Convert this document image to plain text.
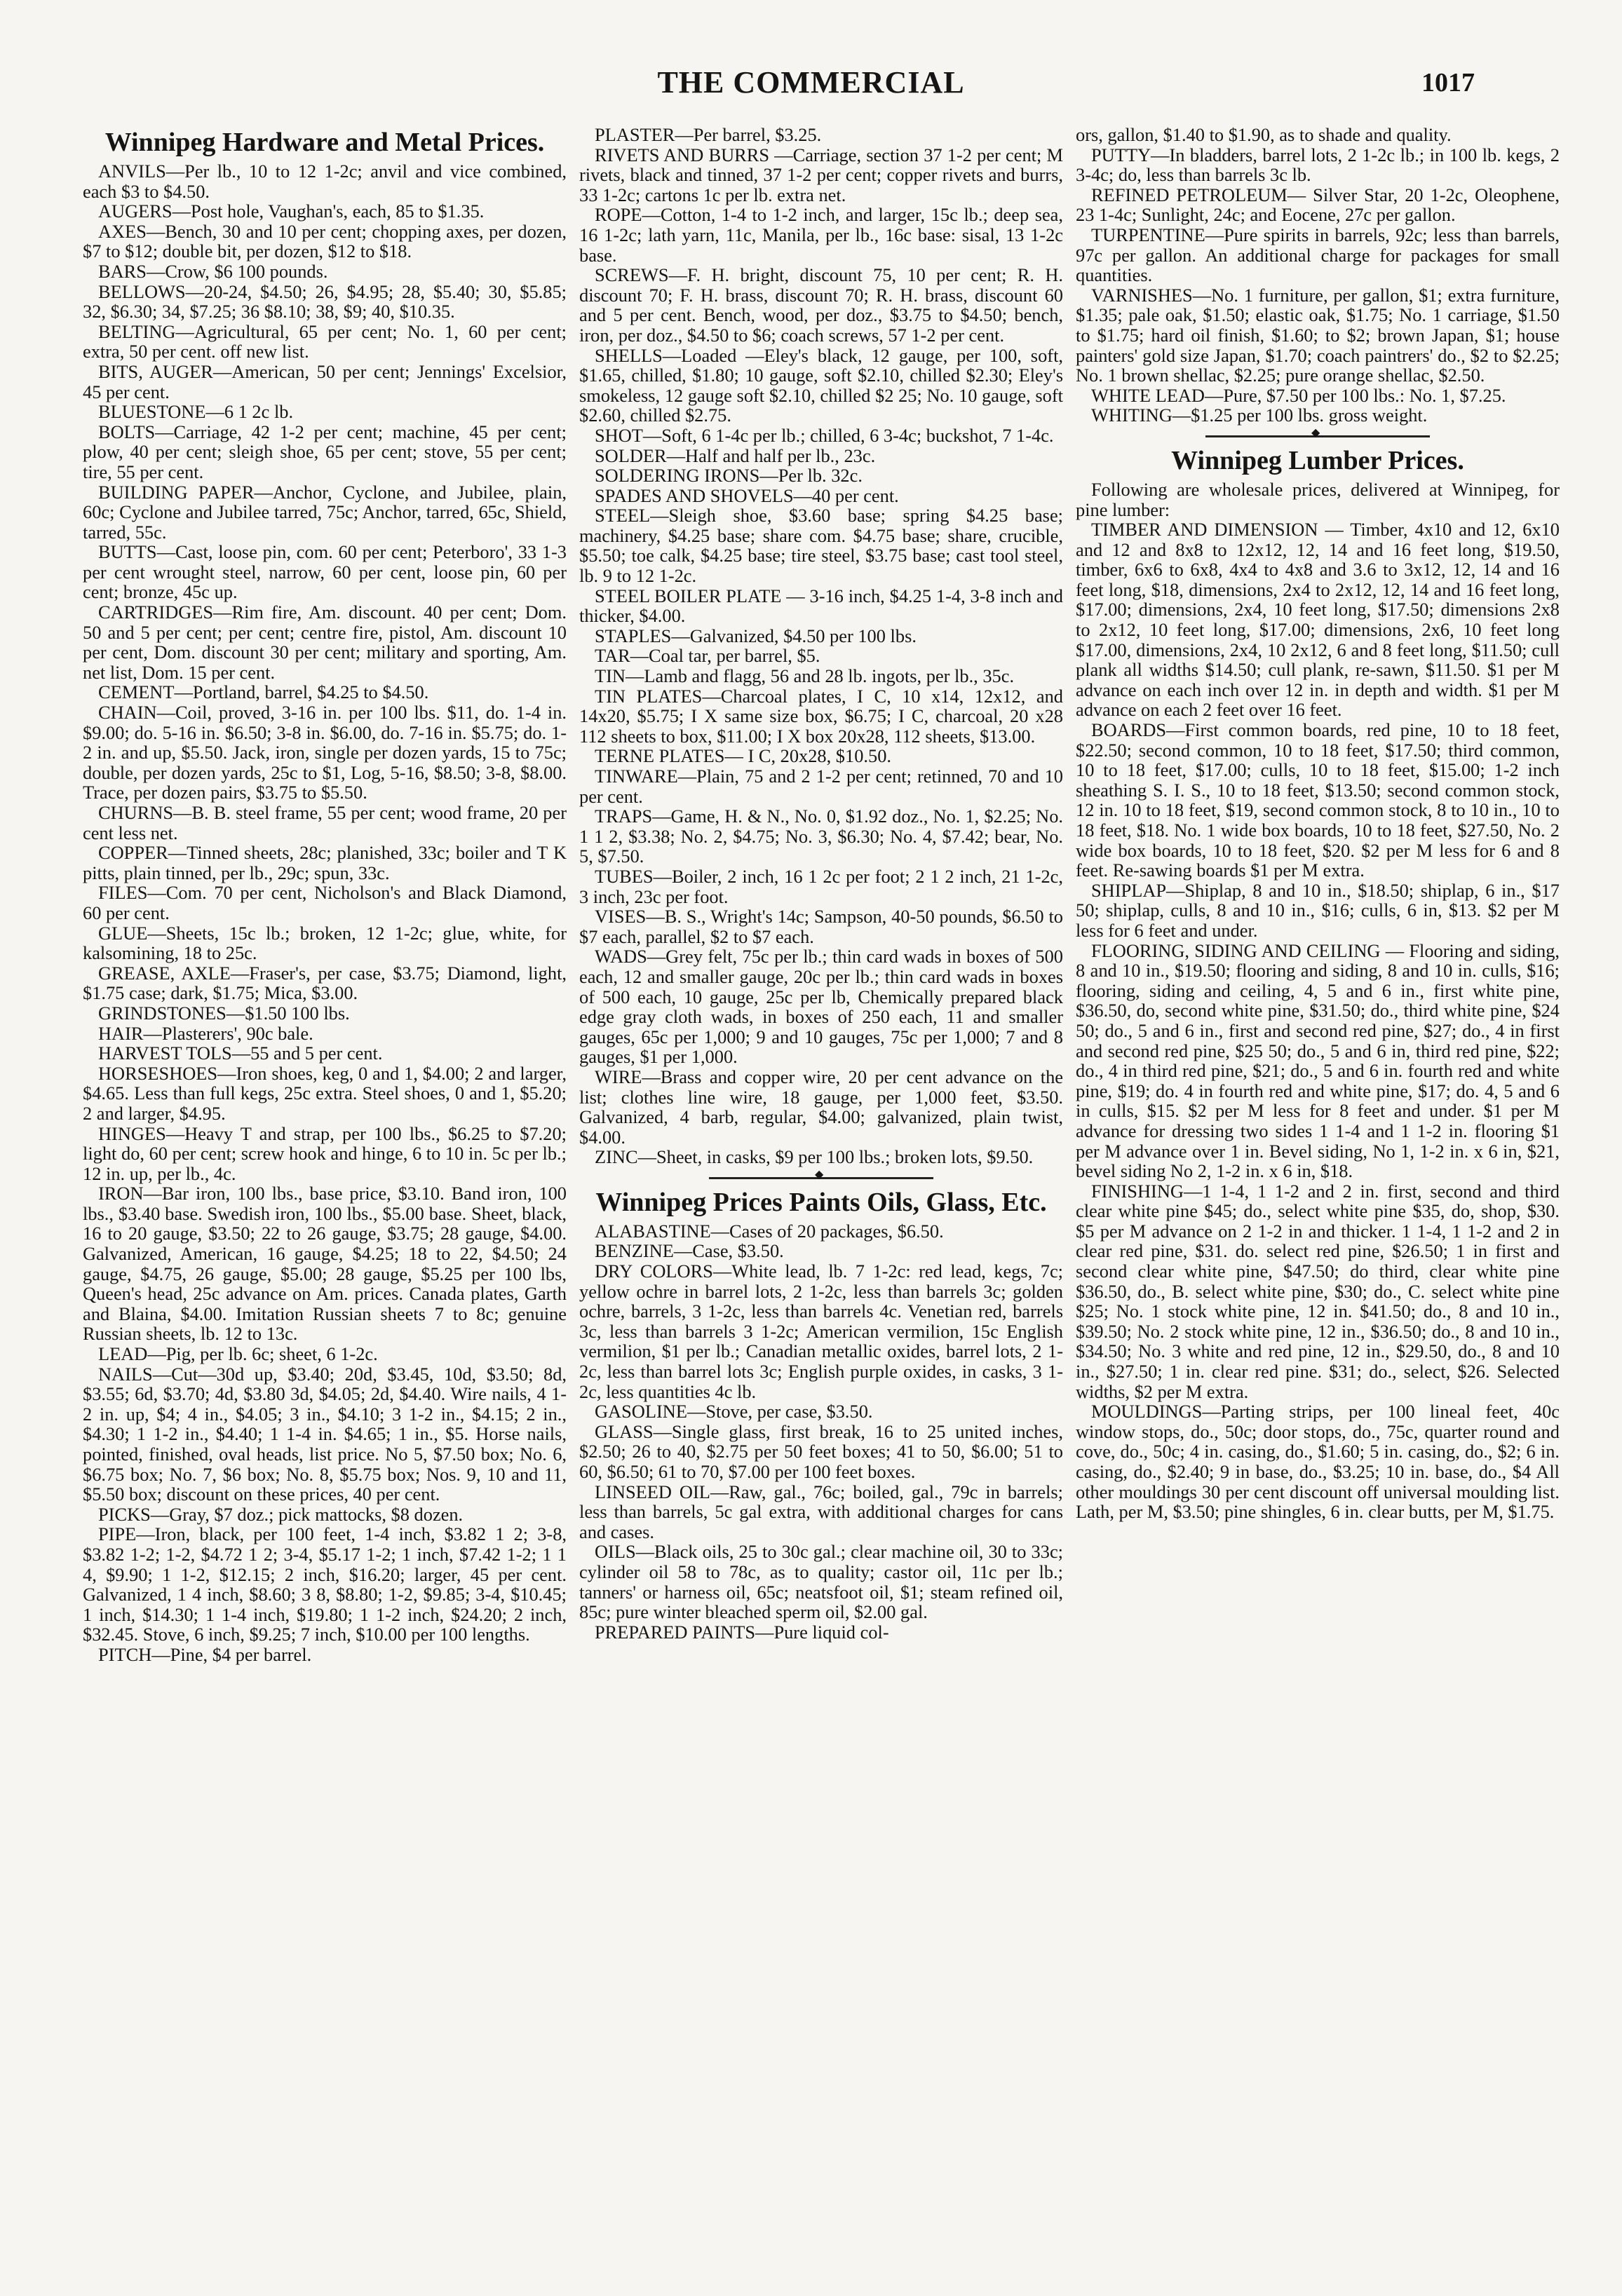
THE COMMERCIAL	1017
Winnipeg Hardware and Metal Prices.

ANVILS—Per lb., 10 to 12 1-2c; anvil and vice combined, each $3 to $4.50.

AUGERS—Post hole, Vaughan's, each, 85 to $1.35.

AXES—Bench, 30 and 10 per cent; chopping axes, per dozen, $7 to $12; double bit, per dozen, $12 to $18.

BARS—Crow, $6 100 pounds.

BELLOWS—20-24, $4.50; 26, $4.95; 28, $5.40; 30, $5.85; 32, $6.30; 34, $7.25; 36 $8.10; 38, $9; 40, $10.35.

BELTING—Agricultural, 65 per cent; No. 1, 60 per cent; extra, 50 per cent. off new list.

BITS, AUGER—American, 50 per cent; Jennings' Excelsior, 45 per cent.

BLUESTONE—6 1 2c lb.

BOLTS—Carriage, 42 1-2 per cent; machine, 45 per cent; plow, 40 per cent; sleigh shoe, 65 per cent; stove, 55 per cent; tire, 55 per cent.

BUILDING PAPER—Anchor, Cyclone, and Jubilee, plain, 60c; Cyclone and Jubilee tarred, 75c; Anchor, tarred, 65c, Shield, tarred, 55c.

BUTTS—Cast, loose pin, com. 60 per cent; Peterboro', 33 1-3 per cent wrought steel, narrow, 60 per cent, loose pin, 60 per cent; bronze, 45c up.

CARTRIDGES—Rim fire, Am. discount. 40 per cent; Dom. 50 and 5 per cent; per cent; centre fire, pistol, Am. discount 10 per cent, Dom. discount 30 per cent; military and sporting, Am. net list, Dom. 15 per cent.

CEMENT—Portland, barrel, $4.25 to $4.50.

CHAIN—Coil, proved, 3-16 in. per 100 lbs. $11, do. 1-4 in. $9.00; do. 5-16 in. $6.50; 3-8 in. $6.00, do. 7-16 in. $5.75; do. 1-2 in. and up, $5.50. Jack, iron, single per dozen yards, 15 to 75c; double, per dozen yards, 25c to $1, Log, 5-16, $8.50; 3-8, $8.00. Trace, per dozen pairs, $3.75 to $5.50.

CHURNS—B. B. steel frame, 55 per cent; wood frame, 20 per cent less net.

COPPER—Tinned sheets, 28c; planished, 33c; boiler and T K pitts, plain tinned, per lb., 29c; spun, 33c.

FILES—Com. 70 per cent, Nicholson's and Black Diamond, 60 per cent.

GLUE—Sheets, 15c lb.; broken, 12 1-2c; glue, white, for kalsomining, 18 to 25c.

GREASE, AXLE—Fraser's, per case, $3.75; Diamond, light, $1.75 case; dark, $1.75; Mica, $3.00.

GRINDSTONES—$1.50 100 lbs.

HAIR—Plasterers', 90c bale.

HARVEST TOLS—55 and 5 per cent.

HORSESHOES—Iron shoes, keg, 0 and 1, $4.00; 2 and larger, $4.65. Less than full kegs, 25c extra. Steel shoes, 0 and 1, $5.20; 2 and larger, $4.95.

HINGES—Heavy T and strap, per 100 lbs., $6.25 to $7.20; light do, 60 per cent; screw hook and hinge, 6 to 10 in. 5c per lb.; 12 in. up, per lb., 4c.

IRON—Bar iron, 100 lbs., base price, $3.10. Band iron, 100 lbs., $3.40 base. Swedish iron, 100 lbs., $5.00 base. Sheet, black, 16 to 20 gauge, $3.50; 22 to 26 gauge, $3.75; 28 gauge, $4.00. Galvanized, American, 16 gauge, $4.25; 18 to 22, $4.50; 24 gauge, $4.75, 26 gauge, $5.00; 28 gauge, $5.25 per 100 lbs, Queen's head, 25c advance on Am. prices. Canada plates, Garth and Blaina, $4.00. Imitation Russian sheets 7 to 8c; genuine Russian sheets, lb. 12 to 13c.

LEAD—Pig, per lb. 6c; sheet, 6 1-2c.

NAILS—Cut—30d up, $3.40; 20d, $3.45, 10d, $3.50; 8d, $3.55; 6d, $3.70; 4d, $3.80 3d, $4.05; 2d, $4.40. Wire nails, 4 1-2 in. up, $4; 4 in., $4.05; 3 in., $4.10; 3 1-2 in., $4.15; 2 in., $4.30; 1 1-2 in., $4.40; 1 1-4 in. $4.65; 1 in., $5. Horse nails, pointed, finished, oval heads, list price. No 5, $7.50 box; No. 6, $6.75 box; No. 7, $6 box; No. 8, $5.75 box; Nos. 9, 10 and 11, $5.50 box; discount on these prices, 40 per cent.

PICKS—Gray, $7 doz.; pick mattocks, $8 dozen.

PIPE—Iron, black, per 100 feet, 1-4 inch, $3.82 1 2; 3-8, $3.82 1-2; 1-2, $4.72 1 2; 3-4, $5.17 1-2; 1 inch, $7.42 1-2; 1 1 4, $9.90; 1 1-2, $12.15; 2 inch, $16.20; larger, 45 per cent. Galvanized, 1 4 inch, $8.60; 3 8, $8.80; 1-2, $9.85; 3-4, $10.45; 1 inch, $14.30; 1 1-4 inch, $19.80; 1 1-2 inch, $24.20; 2 inch, $32.45. Stove, 6 inch, $9.25; 7 inch, $10.00 per 100 lengths.

PITCH—Pine, $4 per barrel.

PLASTER—Per barrel, $3.25.

RIVETS AND BURRS —Carriage, section 37 1-2 per cent; M rivets, black and tinned, 37 1-2 per cent; copper rivets and burrs, 33 1-2c; cartons 1c per lb. extra net.

ROPE—Cotton, 1-4 to 1-2 inch, and larger, 15c lb.; deep sea, 16 1-2c; lath yarn, 11c, Manila, per lb., 16c base: sisal, 13 1-2c base.

SCREWS—F. H. bright, discount 75, 10 per cent; R. H. discount 70; F. H. brass, discount 70; R. H. brass, discount 60 and 5 per cent. Bench, wood, per doz., $3.75 to $4.50; bench, iron, per doz., $4.50 to $6; coach screws, 57 1-2 per cent.

SHELLS—Loaded —Eley's black, 12 gauge, per 100, soft, $1.65, chilled, $1.80; 10 gauge, soft $2.10, chilled $2.30; Eley's smokeless, 12 gauge soft $2.10, chilled $2 25; No. 10 gauge, soft $2.60, chilled $2.75.

SHOT—Soft, 6 1-4c per lb.; chilled, 6 3-4c; buckshot, 7 1-4c.

SOLDER—Half and half per lb., 23c.

SOLDERING IRONS—Per lb. 32c.

SPADES AND SHOVELS—40 per cent.

STEEL—Sleigh shoe, $3.60 base; spring $4.25 base; machinery, $4.25 base; share com. $4.75 base; share, crucible, $5.50; toe calk, $4.25 base; tire steel, $3.75 base; cast tool steel, lb. 9 to 12 1-2c.

STEEL BOILER PLATE — 3-16 inch, $4.25 1-4, 3-8 inch and thicker, $4.00.

STAPLES—Galvanized, $4.50 per 100 lbs.

TAR—Coal tar, per barrel, $5.

TIN—Lamb and flagg, 56 and 28 lb. ingots, per lb., 35c.

TIN PLATES—Charcoal plates, I C, 10 x14, 12x12, and 14x20, $5.75; I X same size box, $6.75; I C, charcoal, 20 x28 112 sheets to box, $11.00; I X box 20x28, 112 sheets, $13.00.

TERNE PLATES— I C, 20x28, $10.50.

TINWARE—Plain, 75 and 2 1-2 per cent; retinned, 70 and 10 per cent.

TRAPS—Game, H. & N., No. 0, $1.92 doz., No. 1, $2.25; No. 1 1 2, $3.38; No. 2, $4.75; No. 3, $6.30; No. 4, $7.42; bear, No. 5, $7.50.

TUBES—Boiler, 2 inch, 16 1 2c per foot; 2 1 2 inch, 21 1-2c, 3 inch, 23c per foot.

VISES—B. S., Wright's 14c; Sampson, 40-50 pounds, $6.50 to $7 each, parallel, $2 to $7 each.

WADS—Grey felt, 75c per lb.; thin card wads in boxes of 500 each, 12 and smaller gauge, 20c per lb.; thin card wads in boxes of 500 each, 10 gauge, 25c per lb, Chemically prepared black edge gray cloth wads, in boxes of 250 each, 11 and smaller gauges, 65c per 1,000; 9 and 10 gauges, 75c per 1,000; 7 and 8 gauges, $1 per 1,000.

WIRE—Brass and copper wire, 20 per cent advance on the list; clothes line wire, 18 gauge, per 1,000 feet, $3.50. Galvanized, 4 barb, regular, $4.00; galvanized, plain twist, $4.00.

ZINC—Sheet, in casks, $9 per 100 lbs.; broken lots, $9.50.

◆
Winnipeg Prices Paints Oils, Glass, Etc.

ALABASTINE—Cases of 20 packages, $6.50.

BENZINE—Case, $3.50.

DRY COLORS—White lead, lb. 7 1-2c: red lead, kegs, 7c; yellow ochre in barrel lots, 2 1-2c, less than barrels 3c; golden ochre, barrels, 3 1-2c, less than barrels 4c. Venetian red, barrels 3c, less than barrels 3 1-2c; American vermilion, 15c English vermilion, $1 per lb.; Canadian metallic oxides, barrel lots, 2 1-2c, less than barrel lots 3c; English purple oxides, in casks, 3 1-2c, less quantities 4c lb.

GASOLINE—Stove, per case, $3.50.

GLASS—Single glass, first break, 16 to 25 united inches, $2.50; 26 to 40, $2.75 per 50 feet boxes; 41 to 50, $6.00; 51 to 60, $6.50; 61 to 70, $7.00 per 100 feet boxes.

LINSEED OIL—Raw, gal., 76c; boiled, gal., 79c in barrels; less than barrels, 5c gal extra, with additional charges for cans and cases.

OILS—Black oils, 25 to 30c gal.; clear machine oil, 30 to 33c; cylinder oil 58 to 78c, as to quality; castor oil, 11c per lb.; tanners' or harness oil, 65c; neatsfoot oil, $1; steam refined oil, 85c; pure winter bleached sperm oil, $2.00 gal.

PREPARED PAINTS—Pure liquid col-

ors, gallon, $1.40 to $1.90, as to shade and quality.

PUTTY—In bladders, barrel lots, 2 1-2c lb.; in 100 lb. kegs, 2 3-4c; do, less than barrels 3c lb.

REFINED PETROLEUM— Silver Star, 20 1-2c, Oleophene, 23 1-4c; Sunlight, 24c; and Eocene, 27c per gallon.

TURPENTINE—Pure spirits in barrels, 92c; less than barrels, 97c per gallon. An additional charge for packages for small quantities.

VARNISHES—No. 1 furniture, per gallon, $1; extra furniture, $1.35; pale oak, $1.50; elastic oak, $1.75; No. 1 carriage, $1.50 to $1.75; hard oil finish, $1.60; to $2; brown Japan, $1; house painters' gold size Japan, $1.70; coach paintrers' do., $2 to $2.25; No. 1 brown shellac, $2.25; pure orange shellac, $2.50.

WHITE LEAD—Pure, $7.50 per 100 lbs.: No. 1, $7.25.

WHITING—$1.25 per 100 lbs. gross weight.

◆
Winnipeg Lumber Prices.

Following are wholesale prices, delivered at Winnipeg, for pine lumber:

TIMBER AND DIMENSION — Timber, 4x10 and 12, 6x10 and 12 and 8x8 to 12x12, 12, 14 and 16 feet long, $19.50, timber, 6x6 to 6x8, 4x4 to 4x8 and 3.6 to 3x12, 12, 14 and 16 feet long, $18, dimensions, 2x4 to 2x12, 12, 14 and 16 feet long, $17.00; dimensions, 2x4, 10 feet long, $17.50; dimensions 2x8 to 2x12, 10 feet long, $17.00; dimensions, 2x6, 10 feet long $17.00, dimensions, 2x4, 10 2x12, 6 and 8 feet long, $11.50; cull plank all widths $14.50; cull plank, re-sawn, $11.50. $1 per M advance on each inch over 12 in. in depth and width. $1 per M advance on each 2 feet over 16 feet.

BOARDS—First common boards, red pine, 10 to 18 feet, $22.50; second common, 10 to 18 feet, $17.50; third common, 10 to 18 feet, $17.00; culls, 10 to 18 feet, $15.00; 1-2 inch sheathing S. I. S., 10 to 18 feet, $13.50; second common stock, 12 in. 10 to 18 feet, $19, second common stock, 8 to 10 in., 10 to 18 feet, $18. No. 1 wide box boards, 10 to 18 feet, $27.50, No. 2 wide box boards, 10 to 18 feet, $20. $2 per M less for 6 and 8 feet. Re-sawing boards $1 per M extra.

SHIPLAP—Shiplap, 8 and 10 in., $18.50; shiplap, 6 in., $17 50; shiplap, culls, 8 and 10 in., $16; culls, 6 in, $13. $2 per M less for 6 feet and under.

FLOORING, SIDING AND CEILING — Flooring and siding, 8 and 10 in., $19.50; flooring and siding, 8 and 10 in. culls, $16; flooring, siding and ceiling, 4, 5 and 6 in., first white pine, $36.50, do, second white pine, $31.50; do., third white pine, $24 50; do., 5 and 6 in., first and second red pine, $27; do., 4 in first and second red pine, $25 50; do., 5 and 6 in, third red pine, $22; do., 4 in third red pine, $21; do., 5 and 6 in. fourth red and white pine, $19; do. 4 in fourth red and white pine, $17; do. 4, 5 and 6 in culls, $15. $2 per M less for 8 feet and under. $1 per M advance for dressing two sides 1 1-4 and 1 1-2 in. flooring $1 per M advance over 1 in. Bevel siding, No 1, 1-2 in. x 6 in, $21, bevel siding No 2, 1-2 in. x 6 in, $18.

FINISHING—1 1-4, 1 1-2 and 2 in. first, second and third clear white pine $45; do., select white pine $35, do, shop, $30. $5 per M advance on 2 1-2 in and thicker. 1 1-4, 1 1-2 and 2 in clear red pine, $31. do. select red pine, $26.50; 1 in first and second clear white pine, $47.50; do third, clear white pine $36.50, do., B. select white pine, $30; do., C. select white pine $25; No. 1 stock white pine, 12 in. $41.50; do., 8 and 10 in., $39.50; No. 2 stock white pine, 12 in., $36.50; do., 8 and 10 in., $34.50; No. 3 white and red pine, 12 in., $29.50, do., 8 and 10 in., $27.50; 1 in. clear red pine. $31; do., select, $26. Selected widths, $2 per M extra.

MOULDINGS—Parting strips, per 100 lineal feet, 40c window stops, do., 50c; door stops, do., 75c, quarter round and cove, do., 50c; 4 in. casing, do., $1.60; 5 in. casing, do., $2; 6 in. casing, do., $2.40; 9 in base, do., $3.25; 10 in. base, do., $4 All other mouldings 30 per cent discount off universal moulding list. Lath, per M, $3.50; pine shingles, 6 in. clear butts, per M, $1.75.
